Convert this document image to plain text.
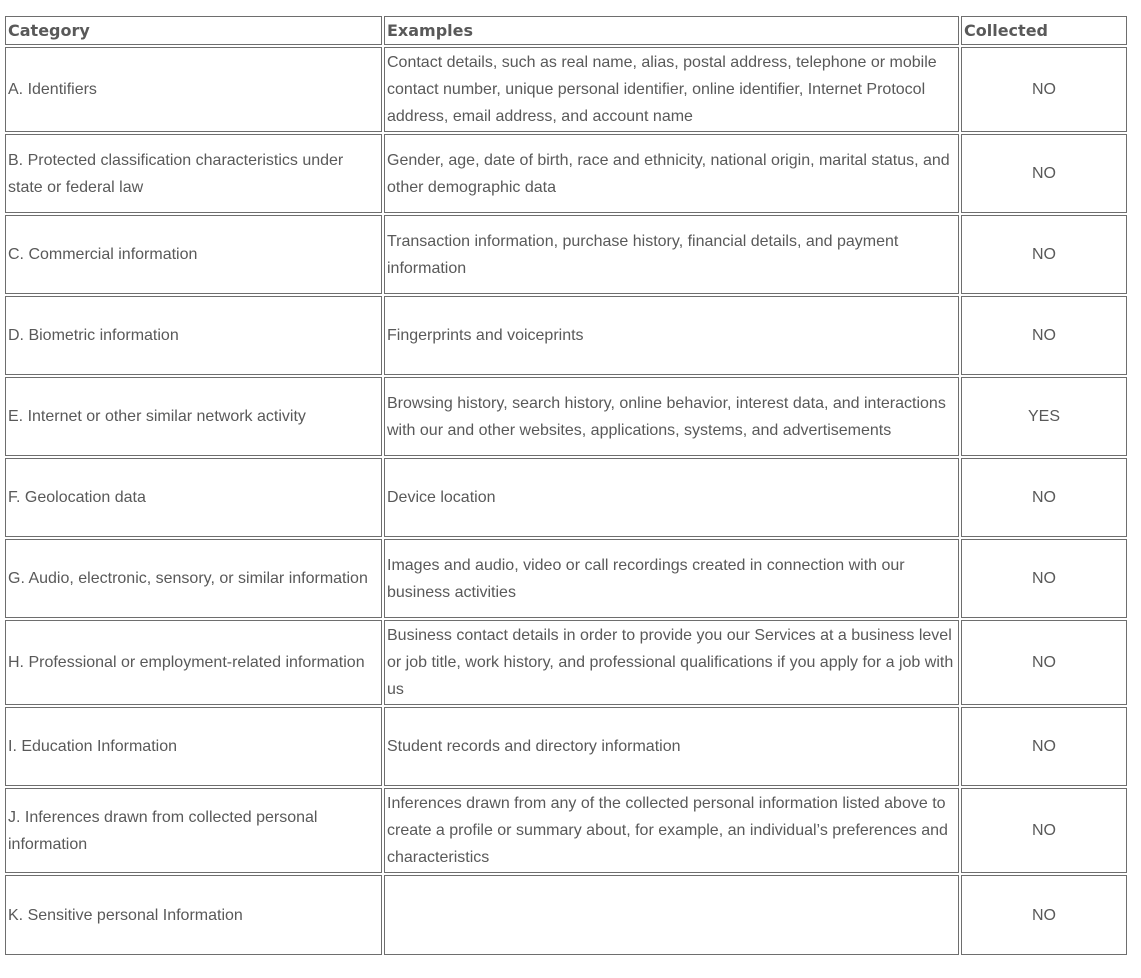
Category	Examples	Collected
A. Identifiers	Contact details, such as real name, alias, postal address, telephone or mobile contact number, unique personal identifier, online identifier, Internet Protocol address, email address, and account name	NO
B. Protected classification characteristics under state or federal law	Gender, age, date of birth, race and ethnicity, national origin, marital status, and other demographic data	NO
C. Commercial information	Transaction information, purchase history, financial details, and payment information	NO
D. Biometric information	Fingerprints and voiceprints	NO
E. Internet or other similar network activity	Browsing history, search history, online behavior, interest data, and interactions with our and other websites, applications, systems, and advertisements	YES
F. Geolocation data	Device location	NO
G. Audio, electronic, sensory, or similar information	Images and audio, video or call recordings created in connection with our business activities	NO
H. Professional or employment-related information	Business contact details in order to provide you our Services at a business level or job title, work history, and professional qualifications if you apply for a job with us	NO
I. Education Information	Student records and directory information	NO
J. Inferences drawn from collected personal information	Inferences drawn from any of the collected personal information listed above to create a profile or summary about, for example, an individual’s preferences and characteristics	NO
K. Sensitive personal Information		NO
